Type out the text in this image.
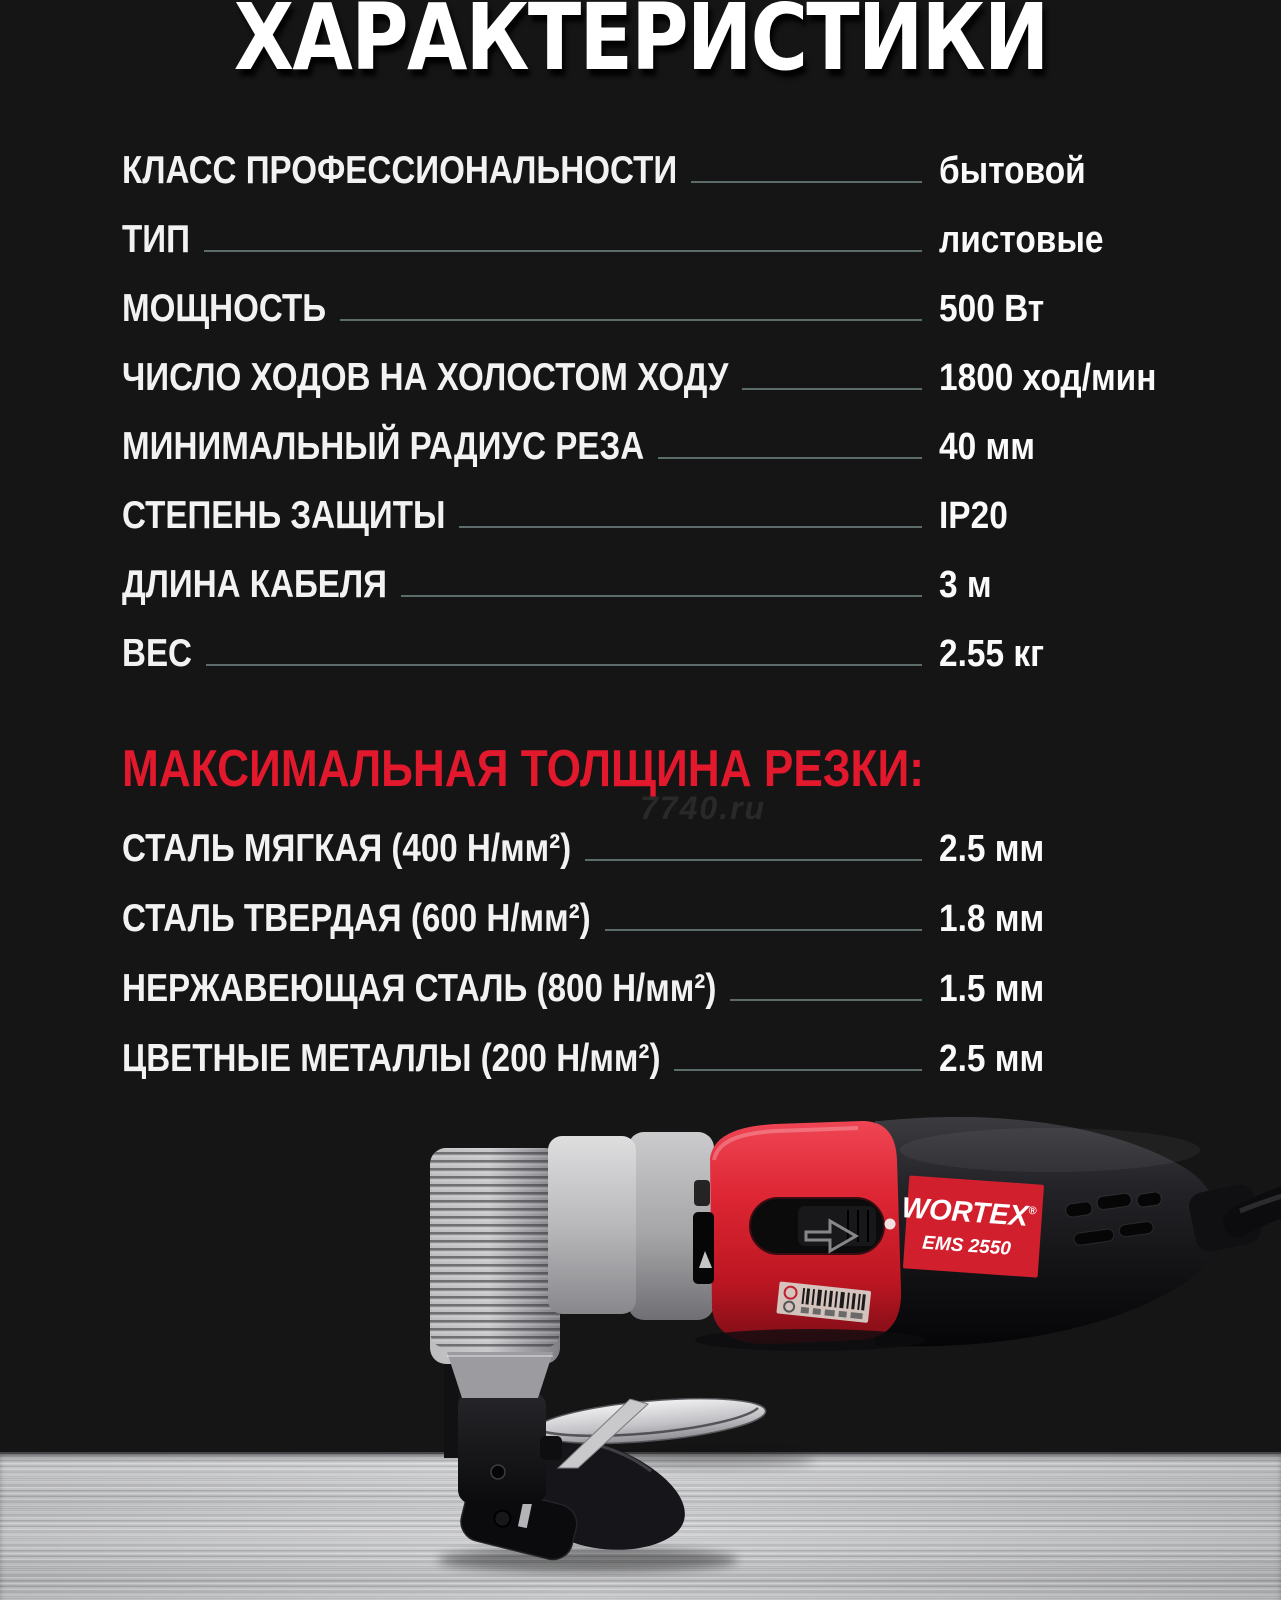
ХАРАКТЕРИСТИКИ
КЛАСС ПРОФЕССИОНАЛЬНОСТИ	бытовой
ТИП	листовые
МОЩНОСТЬ	500 Вт
ЧИСЛО ХОДОВ НА ХОЛОСТОМ ХОДУ	1800 ход/мин
МИНИМАЛЬНЫЙ РАДИУС РЕЗА	40 мм
СТЕПЕНЬ ЗАЩИТЫ	IP20
ДЛИНА КАБЕЛЯ	3 м
ВЕС	2.55 кг
МАКСИМАЛЬНАЯ ТОЛЩИНА РЕЗКИ:
7740.ru
СТАЛЬ МЯГКАЯ (400 Н/мм²)	2.5 мм
СТАЛЬ ТВЕРДАЯ (600 Н/мм²)	1.8 мм
НЕРЖАВЕЮЩАЯ СТАЛЬ (800 Н/мм²)	1.5 мм
ЦВЕТНЫЕ МЕТАЛЛЫ (200 Н/мм²)	2.5 мм
WORTEX®
EMS 2550
